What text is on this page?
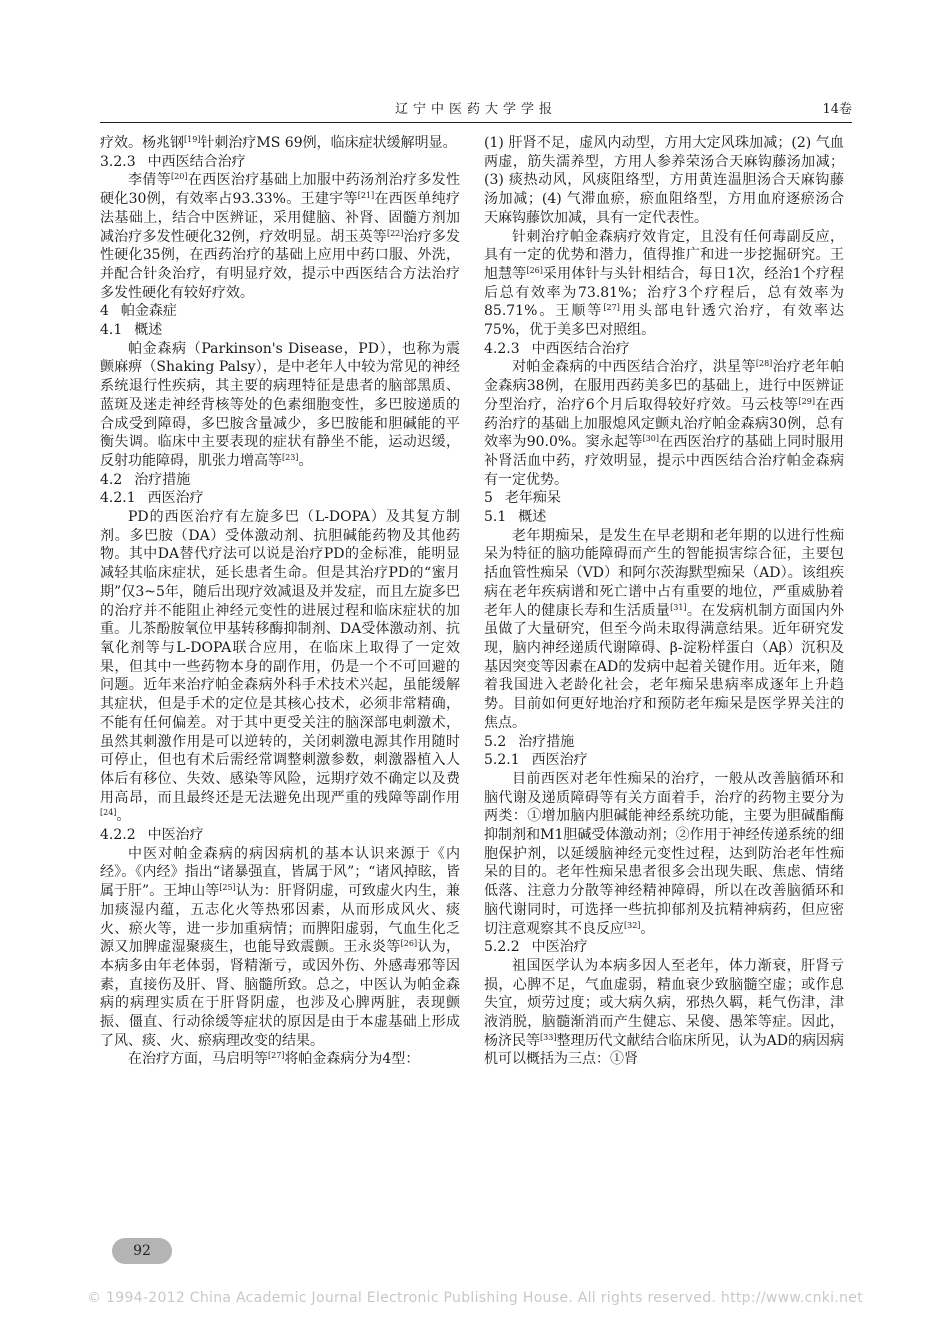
辽宁中医药大学学报	14卷

疗效。杨兆钢[19]针刺治疗MS 69例，临床症状缓解明显。

3.2.3 中西医结合治疗

李倩等[20]在西医治疗基础上加服中药汤剂治疗多发性硬化30例，有效率占93.33%。王建宇等[21]在西医单纯疗法基础上，结合中医辨证，采用健脑、补肾、固髓方剂加减治疗多发性硬化32例，疗效明显。胡玉英等[22]治疗多发性硬化35例，在西药治疗的基础上应用中药口服、外洗，并配合针灸治疗，有明显疗效，提示中西医结合方法治疗多发性硬化有较好疗效。

4 帕金森症

4.1 概述

帕金森病（Parkinson's Disease，PD），也称为震颤麻痹（Shaking Palsy），是中老年人中较为常见的神经系统退行性疾病，其主要的病理特征是患者的脑部黑质、蓝斑及迷走神经背核等处的色素细胞变性，多巴胺递质的合成受到障碍，多巴胺含量减少，多巴胺能和胆碱能的平衡失调。临床中主要表现的症状有静坐不能，运动迟缓，反射功能障碍，肌张力增高等[23]。

4.2 治疗措施

4.2.1 西医治疗

PD的西医治疗有左旋多巴（L-DOPA）及其复方制剂。多巴胺（DA）受体激动剂、抗胆碱能药物及其他药物。其中DA替代疗法可以说是治疗PD的金标准，能明显减轻其临床症状，延长患者生命。但是其治疗PD的“蜜月期”仅3~5年，随后出现疗效减退及并发症，而且左旋多巴的治疗并不能阻止神经元变性的进展过程和临床症状的加重。儿茶酚胺氧位甲基转移酶抑制剂、DA受体激动剂、抗氧化剂等与L-DOPA联合应用，在临床上取得了一定效果，但其中一些药物本身的副作用，仍是一个不可回避的问题。近年来治疗帕金森病外科手术技术兴起，虽能缓解其症状，但是手术的定位是其核心技术，必须非常精确，不能有任何偏差。对于其中更受关注的脑深部电刺激术，虽然其刺激作用是可以逆转的，关闭刺激电源其作用随时可停止，但也有术后需经常调整刺激参数，刺激器植入人体后有移位、失效、感染等风险，远期疗效不确定以及费用高昂，而且最终还是无法避免出现严重的残障等副作用[24]。

4.2.2 中医治疗

中医对帕金森病的病因病机的基本认识来源于《内经》。《内经》指出“诸暴强直，皆属于风”；“诸风掉眩，皆属于肝”。王坤山等[25]认为：肝肾阴虚，可致虚火内生，兼加痰湿内蕴，五志化火等热邪因素，从而形成风火、痰火、瘀火等，进一步加重病情；而脾阳虚弱，气血生化乏源又加脾虚湿聚痰生，也能导致震颤。王永炎等[26]认为，本病多由年老体弱，肾精渐亏，或因外伤、外感毒邪等因素，直接伤及肝、肾、脑髓所致。总之，中医认为帕金森病的病理实质在于肝肾阴虚，也涉及心脾两脏，表现颤振、僵直、行动徐缓等症状的原因是由于本虚基础上形成了风、痰、火、瘀病理改变的结果。

在治疗方面，马启明等[27]将帕金森病分为4型：

(1) 肝肾不足，虚风内动型，方用大定风珠加减；(2) 气血两虚，筋失濡养型，方用人参养荣汤合天麻钩藤汤加减；(3) 痰热动风，风痰阻络型，方用黄连温胆汤合天麻钩藤汤加减；(4) 气滞血瘀，瘀血阻络型，方用血府逐瘀汤合天麻钩藤饮加减，具有一定代表性。

针刺治疗帕金森病疗效肯定，且没有任何毒副反应，具有一定的优势和潜力，值得推广和进一步挖掘研究。王旭慧等[26]采用体针与头针相结合，每日1次，经治1个疗程后总有效率为73.81%；治疗3个疗程后，总有效率为85.71%。王顺等[27]用头部电针透穴治疗，有效率达75%，优于美多巴对照组。

4.2.3 中西医结合治疗

对帕金森病的中西医结合治疗，洪星等[28]治疗老年帕金森病38例，在服用西药美多巴的基础上，进行中医辨证分型治疗，治疗6个月后取得较好疗效。马云枝等[29]在西药治疗的基础上加服熄风定颤丸治疗帕金森病30例，总有效率为90.0%。窦永起等[30]在西医治疗的基础上同时服用补肾活血中药，疗效明显，提示中西医结合治疗帕金森病有一定优势。

5 老年痴呆

5.1 概述

老年期痴呆，是发生在早老期和老年期的以进行性痴呆为特征的脑功能障碍而产生的智能损害综合征，主要包括血管性痴呆（VD）和阿尔茨海默型痴呆（AD）。该组疾病在老年疾病谱和死亡谱中占有重要的地位，严重威胁着老年人的健康长寿和生活质量[31]。在发病机制方面国内外虽做了大量研究，但至今尚未取得满意结果。近年研究发现，脑内神经递质代谢障碍、β-淀粉样蛋白（Aβ）沉积及基因突变等因素在AD的发病中起着关键作用。近年来，随着我国进入老龄化社会，老年痴呆患病率成逐年上升趋势。目前如何更好地治疗和预防老年痴呆是医学界关注的焦点。

5.2 治疗措施

5.2.1 西医治疗

目前西医对老年性痴呆的治疗，一般从改善脑循环和脑代谢及递质障碍等有关方面着手，治疗的药物主要分为两类：①增加脑内胆碱能神经系统功能，主要为胆碱酯酶抑制剂和M1胆碱受体激动剂；②作用于神经传递系统的细胞保护剂，以延缓脑神经元变性过程，达到防治老年性痴呆的目的。老年性痴呆患者很多会出现失眠、焦虑、情绪低落、注意力分散等神经精神障碍，所以在改善脑循环和脑代谢同时，可选择一些抗抑郁剂及抗精神病药，但应密切注意观察其不良反应[32]。

5.2.2 中医治疗

祖国医学认为本病多因人至老年，体力渐衰，肝肾亏损，心脾不足，气血虚弱，精血衰少致脑髓空虚；或作息失宜，烦劳过度；或大病久病，邪热久羁，耗气伤津，津液消脱，脑髓渐消而产生健忘、呆傻、愚笨等症。因此，杨济民等[33]整理历代文献结合临床所见，认为AD的病因病机可以概括为三点：①肾

92
© 1994-2012 China Academic Journal Electronic Publishing House. All rights reserved. http://www.cnki.net
